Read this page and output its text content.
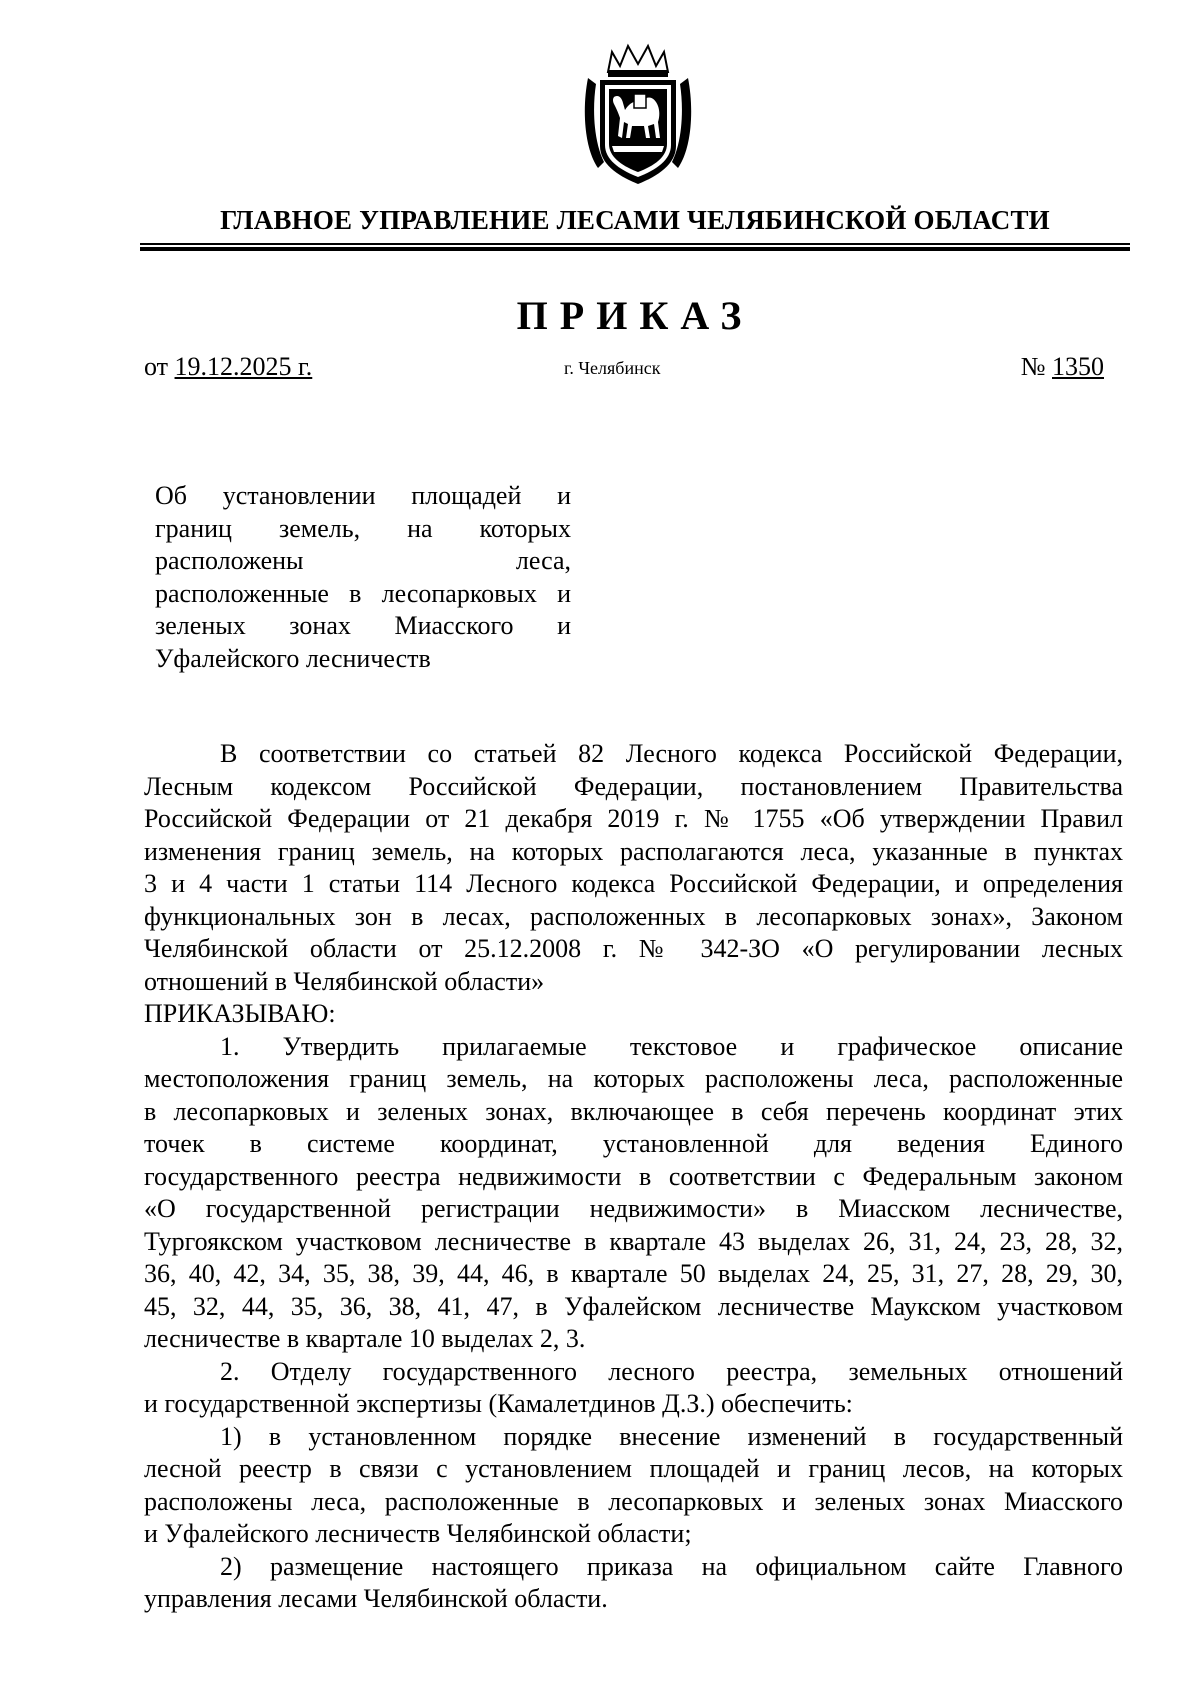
ГЛАВНОЕ УПРАВЛЕНИЕ ЛЕСАМИ ЧЕЛЯБИНСКОЙ ОБЛАСТИ
ПРИКАЗ
от 19.12.2025 г.	г. Челябинск	№ 1350
Об установлении площадей и
границ земель, на которых
расположены леса,
расположенные в лесопарковых и
зеленых зонах Миасского и
Уфалейского лесничеств
В соответствии со статьей 82 Лесного кодекса Российской Федерации,
Лесным кодексом Российской Федерации, постановлением Правительства
Российской Федерации от 21 декабря 2019 г. № 1755 «Об утверждении Правил
изменения границ земель, на которых располагаются леса, указанные в пунктах
3 и 4 части 1 статьи 114 Лесного кодекса Российской Федерации, и определения
функциональных зон в лесах, расположенных в лесопарковых зонах», Законом
Челябинской области от 25.12.2008 г. № 342-ЗО «О регулировании лесных
отношений в Челябинской области»
ПРИКАЗЫВАЮ:
1. Утвердить прилагаемые текстовое и графическое описание
местоположения границ земель, на которых расположены леса, расположенные
в лесопарковых и зеленых зонах, включающее в себя перечень координат этих
точек в системе координат, установленной для ведения Единого
государственного реестра недвижимости в соответствии с Федеральным законом
«О государственной регистрации недвижимости» в Миасском лесничестве,
Тургоякском участковом лесничестве в квартале 43 выделах 26, 31, 24, 23, 28, 32,
36, 40, 42, 34, 35, 38, 39, 44, 46, в квартале 50 выделах 24, 25, 31, 27, 28, 29, 30,
45, 32, 44, 35, 36, 38, 41, 47, в Уфалейском лесничестве Маукском участковом
лесничестве в квартале 10 выделах 2, 3.
2. Отделу государственного лесного реестра, земельных отношений
и государственной экспертизы (Камалетдинов Д.З.) обеспечить:
1) в установленном порядке внесение изменений в государственный
лесной реестр в связи с установлением площадей и границ лесов, на которых
расположены леса, расположенные в лесопарковых и зеленых зонах Миасского
и Уфалейского лесничеств Челябинской области;
2) размещение настоящего приказа на официальном сайте Главного
управления лесами Челябинской области.
